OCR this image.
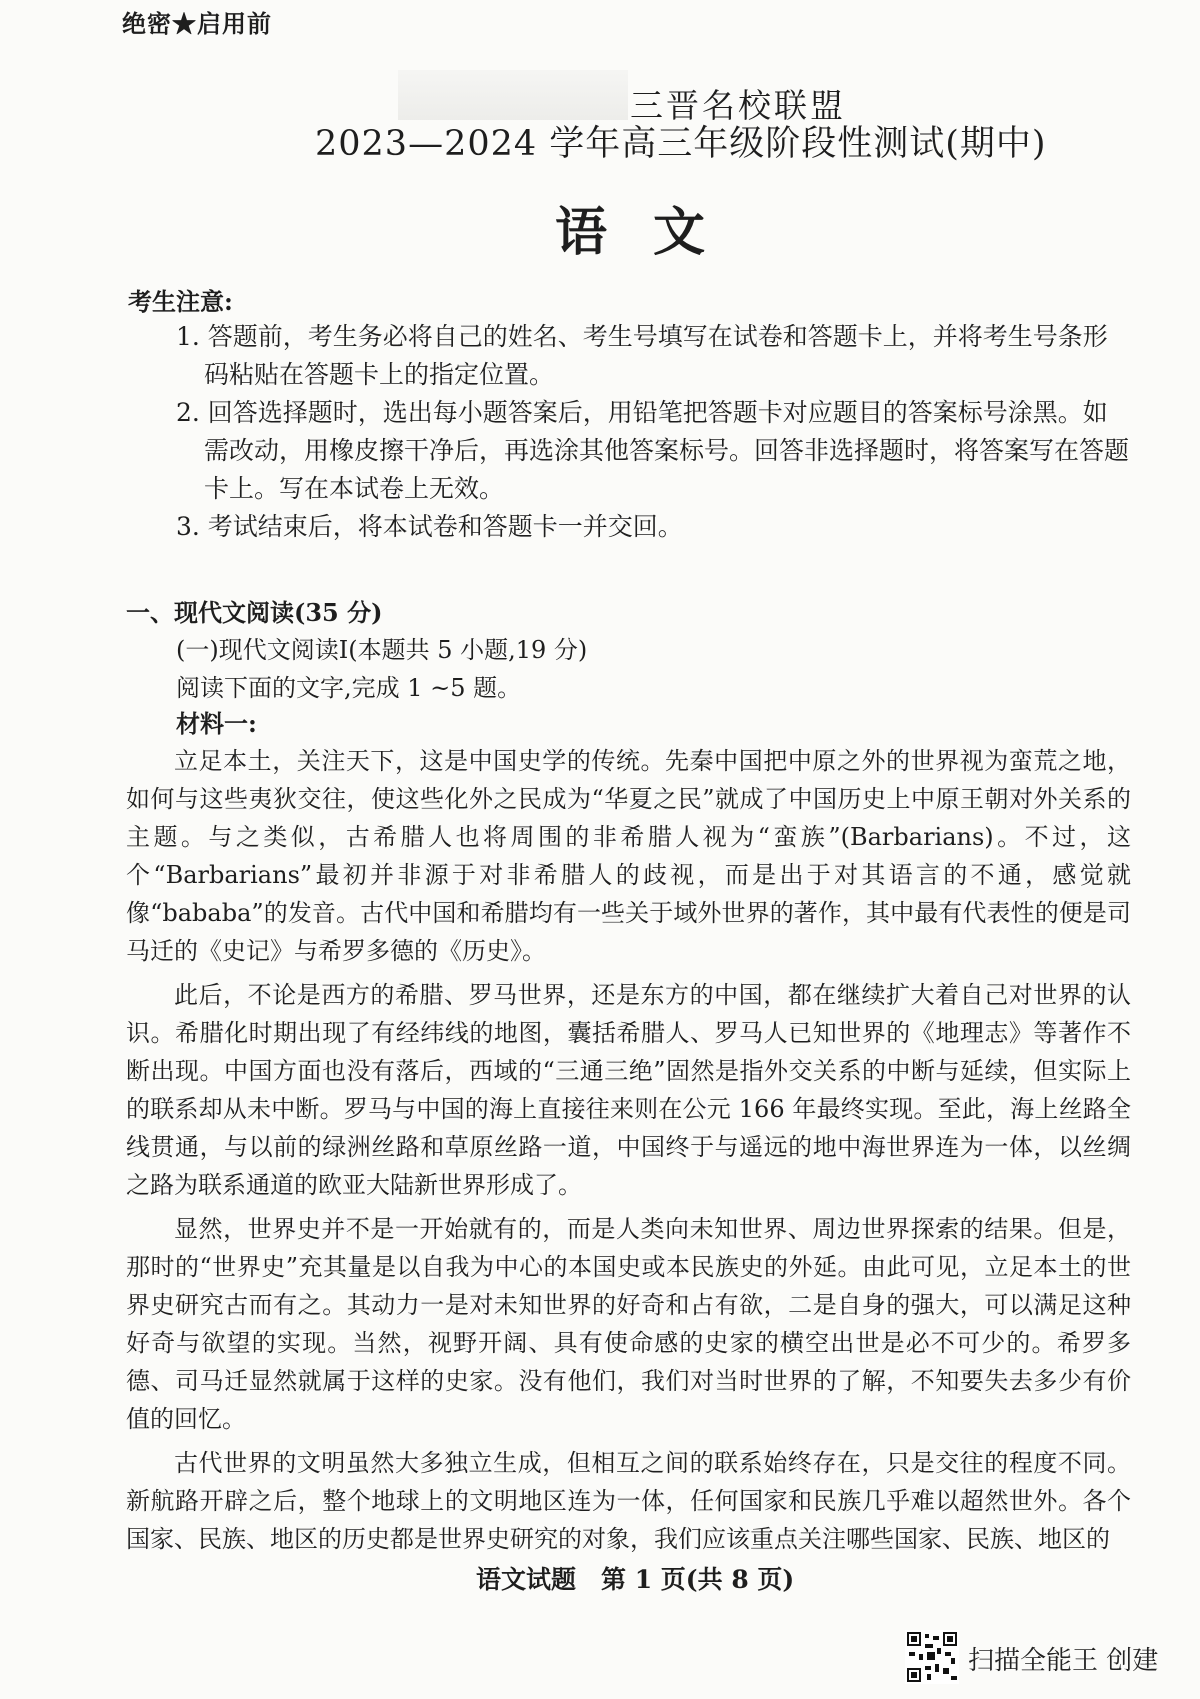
绝密★启用前
三晋名校联盟
2023—2024 学年高三年级阶段性测试(期中)
语文
考生注意:

1. 答题前，考生务必将自己的姓名、考生号填写在试卷和答题卡上，并将考生号条形码粘贴在答题卡上的指定位置。

2. 回答选择题时，选出每小题答案后，用铅笔把答题卡对应题目的答案标号涂黑。如需改动，用橡皮擦干净后，再选涂其他答案标号。回答非选择题时，将答案写在答题卡上。写在本试卷上无效。

3. 考试结束后，将本试卷和答题卡一并交回。

一、现代文阅读(35 分)
(一)现代文阅读Ⅰ(本题共 5 小题,19 分)
阅读下面的文字,完成 1 ~5 题。
材料一:

立足本土，关注天下，这是中国史学的传统。先秦中国把中原之外的世界视为蛮荒之地，如何与这些夷狄交往，使这些化外之民成为“华夏之民”就成了中国历史上中原王朝对外关系的主题。与之类似，古希腊人也将周围的非希腊人视为“蛮族”(Barbarians)。不过，这个“Barbarians”最初并非源于对非希腊人的歧视，而是出于对其语言的不通，感觉就像“bababa”的发音。古代中国和希腊均有一些关于域外世界的著作，其中最有代表性的便是司马迁的《史记》与希罗多德的《历史》。

此后，不论是西方的希腊、罗马世界，还是东方的中国，都在继续扩大着自己对世界的认识。希腊化时期出现了有经纬线的地图，囊括希腊人、罗马人已知世界的《地理志》等著作不断出现。中国方面也没有落后，西域的“三通三绝”固然是指外交关系的中断与延续，但实际上的联系却从未中断。罗马与中国的海上直接往来则在公元 166 年最终实现。至此，海上丝路全线贯通，与以前的绿洲丝路和草原丝路一道，中国终于与遥远的地中海世界连为一体，以丝绸之路为联系通道的欧亚大陆新世界形成了。

显然，世界史并不是一开始就有的，而是人类向未知世界、周边世界探索的结果。但是，那时的“世界史”充其量是以自我为中心的本国史或本民族史的外延。由此可见，立足本土的世界史研究古而有之。其动力一是对未知世界的好奇和占有欲，二是自身的强大，可以满足这种好奇与欲望的实现。当然，视野开阔、具有使命感的史家的横空出世是必不可少的。希罗多德、司马迁显然就属于这样的史家。没有他们，我们对当时世界的了解，不知要失去多少有价值的回忆。

古代世界的文明虽然大多独立生成，但相互之间的联系始终存在，只是交往的程度不同。新航路开辟之后，整个地球上的文明地区连为一体，任何国家和民族几乎难以超然世外。各个国家、民族、地区的历史都是世界史研究的对象，我们应该重点关注哪些国家、民族、地区的

语文试题　第 1 页(共 8 页)
扫描全能王 创建
